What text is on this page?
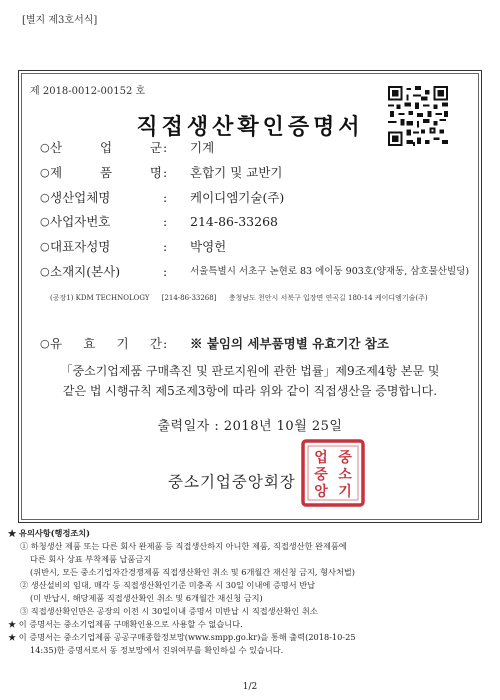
[별지 제3호서식]
제 2018-0012-00152 호
직접생산확인증명서
○ 산 업 군 : 기계
○ 제 품 명 : 혼합기 및 교반기
○ 생산업체명	: 케이디엠기술(주)
○ 사업자번호	: 214-86-33268
○ 대표자성명	: 박영헌
○ 소재지(본사)	: 서울특별시 서초구 논현로 83 에이동 903호(양재동, 삼호물산빌딩)
(공장1) KDM TECHNOLOGY [214-86-33268] 충청남도 천안시 서북구 입장면 연곡길 180-14 케이디엠기술(주)
○ 유 효 기 간 : ※ 붙임의 세부품명별 유효기간 참조
「중소기업제품 구매촉진 및 판로지원에 관한 법률」제9조제4항 본문 및
같은 법 시행규칙 제5조제3항에 따라 위와 같이 직접생산을 증명합니다.
출력일자 : 2018년 10월 25일
중소기업중앙회장
중
소
기
업
중
앙
★ 유의사항(행정조치)
① 하청생산 제품 또는 다른 회사 완제품 등 직접생산하지 아니한 제품, 직접생산한 완제품에
다른 회사 상표 부착제품 납품금지
(위반시, 모든 중소기업자간경쟁제품 직접생산확인 취소 및 6개월간 재신청 금지, 형사처벌)
② 생산설비의 임대, 매각 등 직접생산확인기준 미충족 시 30일 이내에 증명서 반납
(미 반납시, 해당제품 직접생산확인 취소 및 6개월간 재신청 금지)
③ 직접생산확인만은 공장의 이전 시 30일이내 증명서 미반납 시 직접생산확인 취소
★ 이 증명서는 중소기업제품 구매확인용으로 사용할 수 없습니다.
★ 이 증명서는 중소기업제품 공공구매종합정보망(www.smpp.go.kr)을 통해 출력(2018-10-25
14:35)한 증명서로서 동 정보망에서 진위여부를 확인하실 수 있습니다.
1/2
